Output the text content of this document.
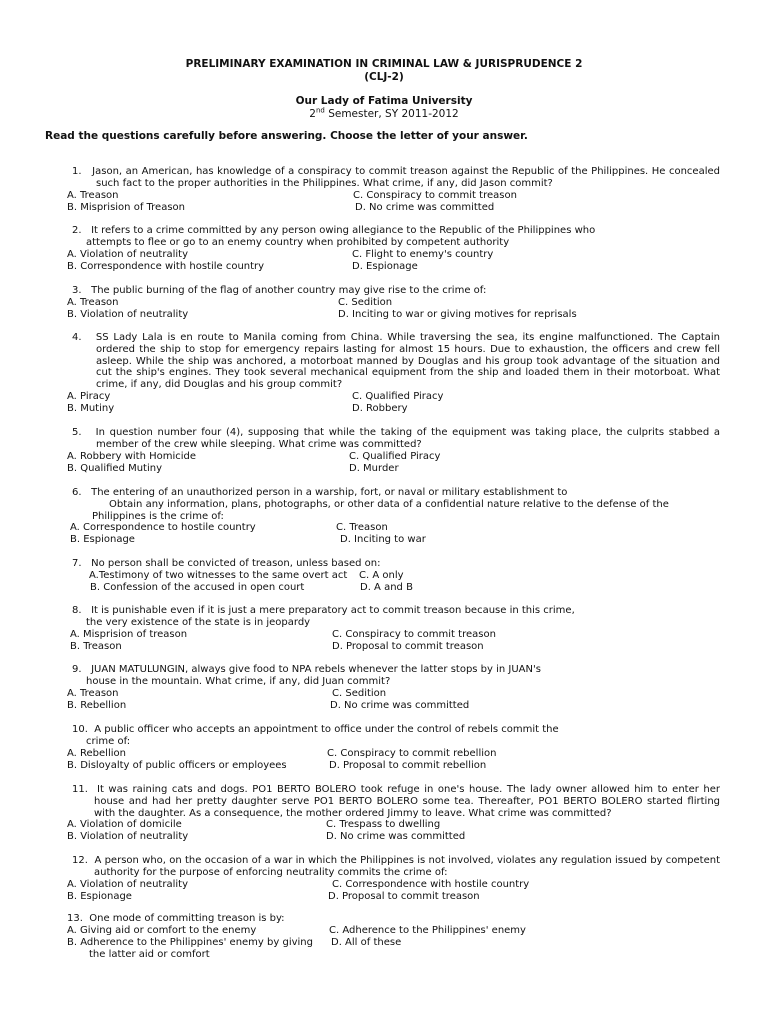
PRELIMINARY EXAMINATION IN CRIMINAL LAW & JURISPRUDENCE 2
(CLJ-2)
Our Lady of Fatima University
2nd Semester, SY 2011-2012
Read the questions carefully before answering. Choose the letter of your answer.
1. Jason, an American, has knowledge of a conspiracy to commit treason against the Republic of the Philippines. He concealed such fact to the proper authorities in the Philippines. What crime, if any, did Jason commit?
A. Treason
B. Misprision of Treason
C. Conspiracy to commit treason
D. No crime was committed
2. It refers to a crime committed by any person owing allegiance to the Republic of the Philippines who
attempts to flee or go to an enemy country when prohibited by competent authority
A. Violation of neutrality
B. Correspondence with hostile country
C. Flight to enemy's country
D. Espionage
3. The public burning of the flag of another country may give rise to the crime of:
A. Treason
B. Violation of neutrality
C. Sedition
D. Inciting to war or giving motives for reprisals
4. SS Lady Lala is en route to Manila coming from China. While traversing the sea, its engine malfunctioned. The Captain ordered the ship to stop for emergency repairs lasting for almost 15 hours. Due to exhaustion, the officers and crew fell asleep. While the ship was anchored, a motorboat manned by Douglas and his group took advantage of the situation and cut the ship's engines. They took several mechanical equipment from the ship and loaded them in their motorboat. What crime, if any, did Douglas and his group commit?
A. Piracy
B. Mutiny
C. Qualified Piracy
D. Robbery
5. In question number four (4), supposing that while the taking of the equipment was taking place, the culprits stabbed a member of the crew while sleeping. What crime was committed?
A. Robbery with Homicide
B. Qualified Mutiny
C. Qualified Piracy
D. Murder
6. The entering of an unauthorized person in a warship, fort, or naval or military establishment to
Obtain any information, plans, photographs, or other data of a confidential nature relative to the defense of the Philippines is the crime of:
A. Correspondence to hostile country
B. Espionage
C. Treason
D. Inciting to war
7. No person shall be convicted of treason, unless based on:
A.Testimony of two witnesses to the same overt act
B. Confession of the accused in open court
C. A only
D. A and B
8. It is punishable even if it is just a mere preparatory act to commit treason because in this crime,
the very existence of the state is in jeopardy
A. Misprision of treason
B. Treason
C. Conspiracy to commit treason
D. Proposal to commit treason
9. JUAN MATULUNGIN, always give food to NPA rebels whenever the latter stops by in JUAN's
house in the mountain. What crime, if any, did Juan commit?
A. Treason
B. Rebellion
C. Sedition
D. No crime was committed
10. A public officer who accepts an appointment to office under the control of rebels commit the
crime of:
A. Rebellion
B. Disloyalty of public officers or employees
C. Conspiracy to commit rebellion
D. Proposal to commit rebellion
11. It was raining cats and dogs. PO1 BERTO BOLERO took refuge in one's house. The lady owner allowed him to enter her house and had her pretty daughter serve PO1 BERTO BOLERO some tea. Thereafter, PO1 BERTO BOLERO started flirting with the daughter. As a consequence, the mother ordered Jimmy to leave. What crime was committed?
A. Violation of domicile
B. Violation of neutrality
C. Trespass to dwelling
D. No crime was committed
12. A person who, on the occasion of a war in which the Philippines is not involved, violates any regulation issued by competent authority for the purpose of enforcing neutrality commits the crime of:
A. Violation of neutrality
B. Espionage
C. Correspondence with hostile country
D. Proposal to commit treason
13. One mode of committing treason is by:
A. Giving aid or comfort to the enemy
B. Adherence to the Philippines' enemy by giving
the latter aid or comfort
C. Adherence to the Philippines' enemy
D. All of these
